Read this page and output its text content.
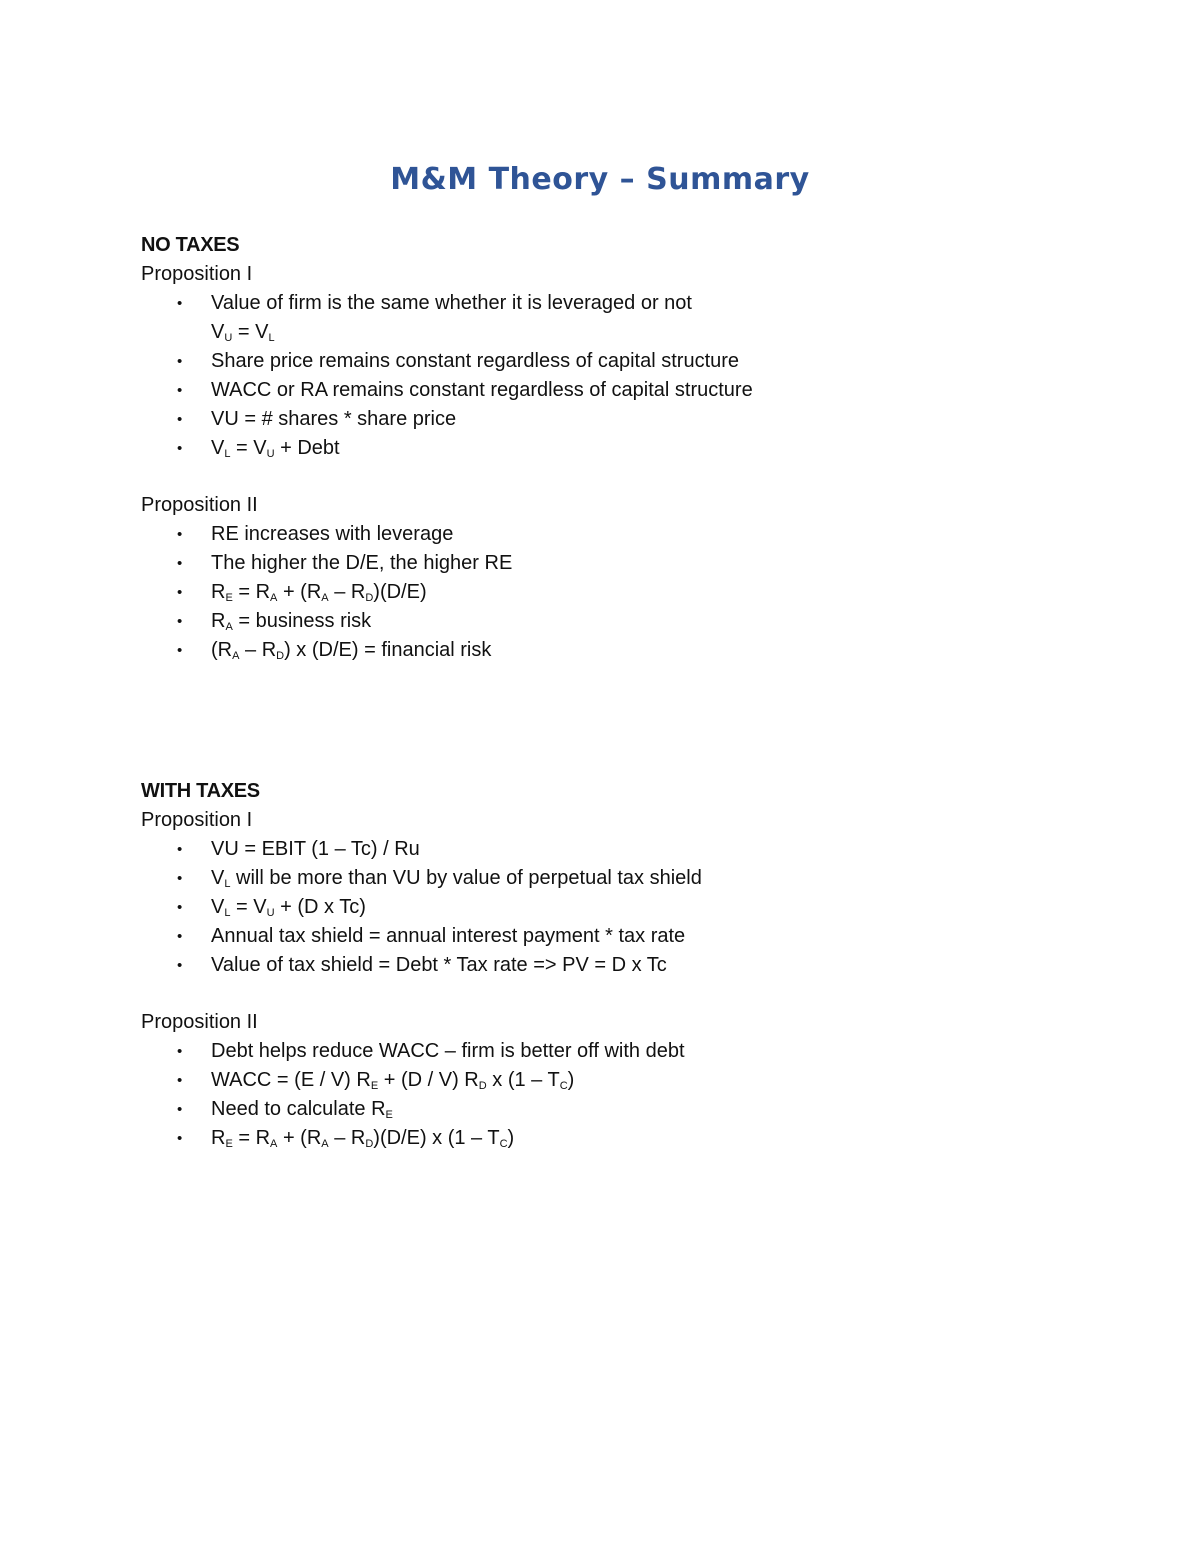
M&M Theory – Summary
NO TAXES
Proposition I
• Value of firm is the same whether it is leveraged or not
$V_U = V_L$
• Share price remains constant regardless of capital structure
• WACC or RA remains constant regardless of capital structure
• VU = # shares * share price
• $V_L = V_U$ + Debt
Proposition II
• RE increases with leverage
• The higher the D/E, the higher RE
• $R_E = R_A + (R_A - R_D)(D/E)$
• $R_A$ = business risk
• $(R_A - R_D)$ x (D/E) = financial risk
WITH TAXES
Proposition I
• VU = EBIT (1 – Tc) / Ru
• $V_L$ will be more than VU by value of perpetual tax shield
• $V_L = V_U + (D$ x Tc)
• Annual tax shield = annual interest payment * tax rate
• Value of tax shield = Debt * Tax rate => PV = D x Tc
Proposition II
• Debt helps reduce WACC – firm is better off with debt
• WACC = (E / V) $R_E + (D / V)$ $R_D$ x $(1 - T_C)$
• Need to calculate $R_E$
• $R_E = R_A + (R_A - R_D)(D/E)$ x $(1 - T_C)$
